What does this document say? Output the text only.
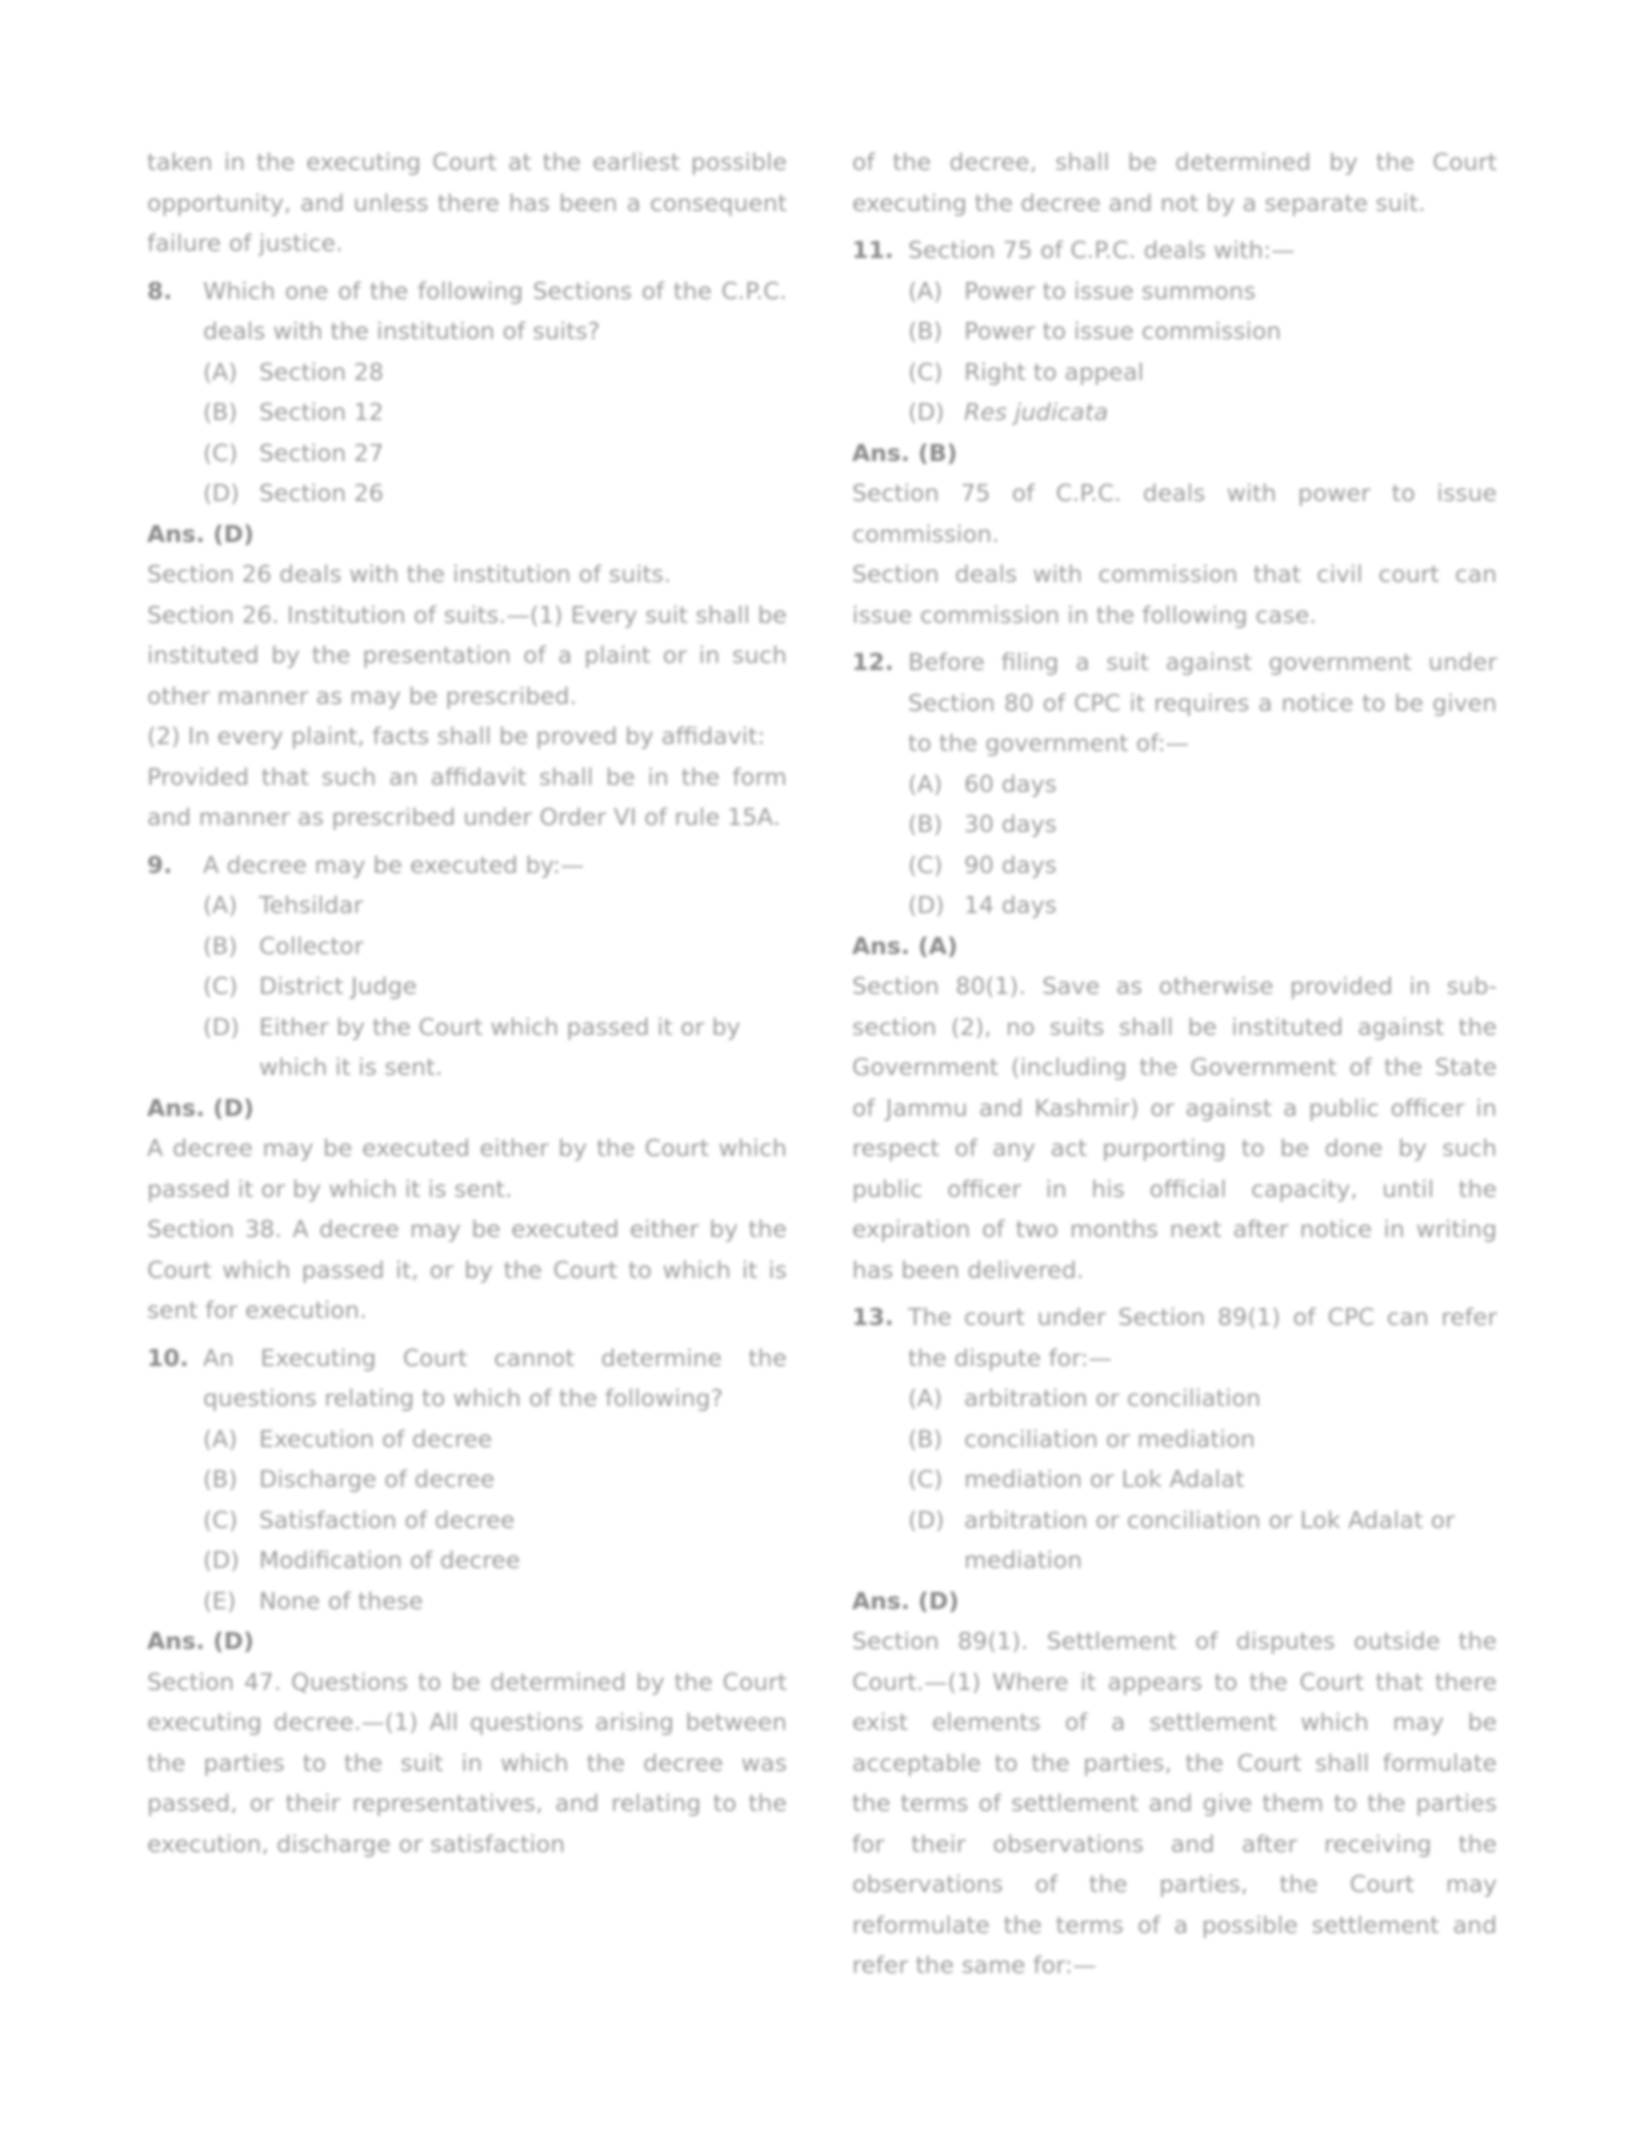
taken in the executing Court at the earliest possible opportunity, and unless there has been a consequent failure of justice.

8. Which one of the following Sections of the C.P.C. deals with the institution of suits?
(A) Section 28
(B) Section 12
(C) Section 27
(D) Section 26

Ans. (D)

Section 26 deals with the institution of suits.

Section 26. Institution of suits.—(1) Every suit shall be instituted by the presentation of a plaint or in such other manner as may be prescribed.

(2) In every plaint, facts shall be proved by affidavit:

Provided that such an affidavit shall be in the form and manner as prescribed under Order VI of rule 15A.

9. A decree may be executed by:—
(A) Tehsildar
(B) Collector
(C) District Judge
(D) Either by the Court which passed it or by which it is sent.

Ans. (D)

A decree may be executed either by the Court which passed it or by which it is sent.

Section 38. A decree may be executed either by the Court which passed it, or by the Court to which it is sent for execution.

10. An Executing Court cannot determine the questions relating to which of the following?
(A) Execution of decree
(B) Discharge of decree
(C) Satisfaction of decree
(D) Modification of decree
(E) None of these

Ans. (D)

Section 47. Questions to be determined by the Court executing decree.—(1) All questions arising between the parties to the suit in which the decree was passed, or their representatives, and relating to the execution, discharge or satisfaction

of the decree, shall be determined by the Court executing the decree and not by a separate suit.

11. Section 75 of C.P.C. deals with:—
(A) Power to issue summons
(B) Power to issue commission
(C) Right to appeal
(D) Res judicata

Ans. (B)

Section 75 of C.P.C. deals with power to issue commission.

Section deals with commission that civil court can issue commission in the following case.

12. Before filing a suit against government under Section 80 of CPC it requires a notice to be given to the government of:—
(A) 60 days
(B) 30 days
(C) 90 days
(D) 14 days

Ans. (A)

Section 80(1). Save as otherwise provided in sub-section (2), no suits shall be instituted against the Government (including the Government of the State of Jammu and Kashmir) or against a public officer in respect of any act purporting to be done by such public officer in his official capacity, until the expiration of two months next after notice in writing has been delivered.

13. The court under Section 89(1) of CPC can refer the dispute for:—
(A) arbitration or conciliation
(B) conciliation or mediation
(C) mediation or Lok Adalat
(D) arbitration or conciliation or Lok Adalat or mediation

Ans. (D)

Section 89(1). Settlement of disputes outside the Court.—(1) Where it appears to the Court that there exist elements of a settlement which may be acceptable to the parties, the Court shall formulate the terms of settlement and give them to the parties for their observations and after receiving the observations of the parties, the Court may reformulate the terms of a possible settlement and refer the same for:—
